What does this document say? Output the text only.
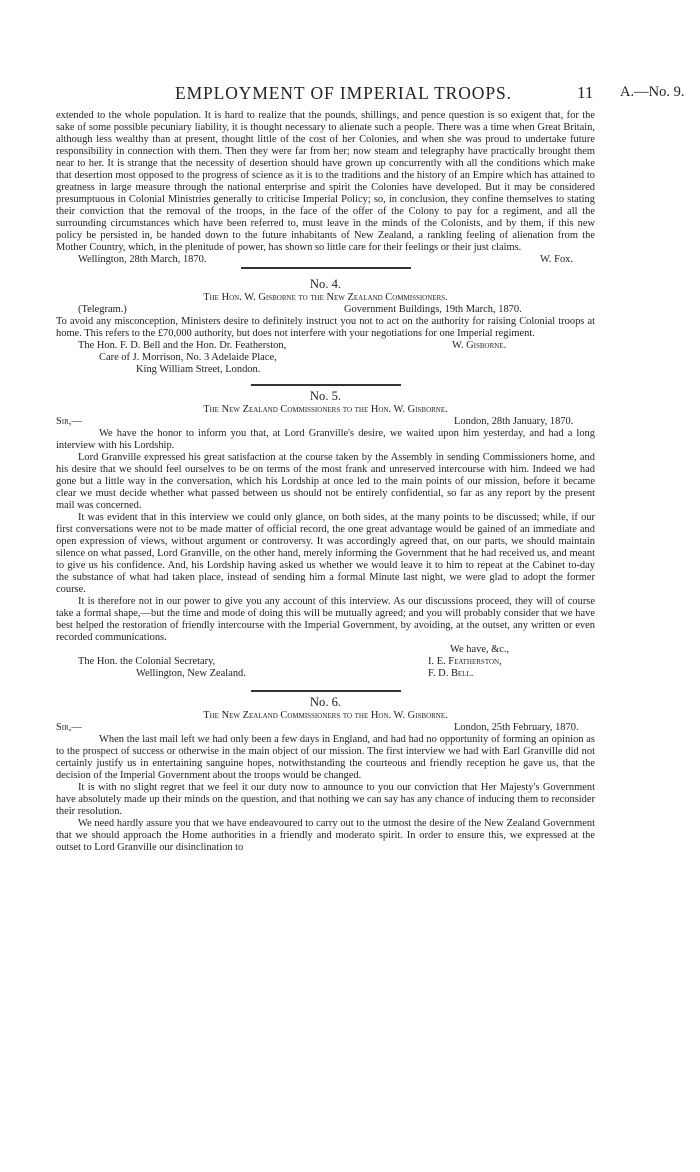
EMPLOYMENT OF IMPERIAL TROOPS.	11 A.—No. 9.

extended to the whole population. It is hard to realize that the pounds, shillings, and pence question is so exigent that, for the sake of some possible pecuniary liability, it is thought necessary to alienate such a people. There was a time when Great Britain, although less wealthy than at present, thought little of the cost of her Colonies, and when she was proud to undertake future responsibility in connection with them. Then they were far from her; now steam and telegraphy have practically brought them near to her. It is strange that the necessity of desertion should have grown up concurrently with all the conditions which make that desertion most opposed to the progress of science as it is to the traditions and the history of an Empire which has attained to greatness in large measure through the national enterprise and spirit the Colonies have developed. But it may be considered presumptuous in Colonial Ministries generally to criticise Imperial Policy; so, in conclusion, they confine themselves to stating their conviction that the removal of the troops, in the face of the offer of the Colony to pay for a regiment, and all the surrounding circumstances which have been referred to, must leave in the minds of the Colonists, and by them, if this new policy be persisted in, be handed down to the future inhabitants of New Zealand, a rankling feeling of alienation from the Mother Country, which, in the plenitude of power, has shown so little care for their feelings or their just claims.

Wellington, 28th March, 1870.	W. Fox.
No. 4.

The Hon. W. Gisborne to the New Zealand Commissioners.

(Telegram.)	Government Buildings, 19th March, 1870.

To avoid any misconception, Ministers desire to definitely instruct you not to act on the authority for raising Colonial troops at home. This refers to the £70,000 authority, but does not interfere with your negotiations for one Imperial regiment.

The Hon. F. D. Bell and the Hon. Dr. Featherston,	W. Gisborne.

Care of J. Morrison, No. 3 Adelaide Place,

King William Street, London.

No. 5.

The New Zealand Commissioners to the Hon. W. Gisborne.

Sir,—	London, 28th January, 1870.

We have the honor to inform you that, at Lord Granville's desire, we waited upon him yesterday, and had a long interview with his Lordship.

Lord Granville expressed his great satisfaction at the course taken by the Assembly in sending Commissioners home, and his desire that we should feel ourselves to be on terms of the most frank and unreserved intercourse with him. Indeed we had gone but a little way in the conversation, which his Lordship at once led to the main points of our mission, before it became clear we must decide whether what passed between us should not be entirely confidential, so far as any report by the present mail was concerned.

It was evident that in this interview we could only glance, on both sides, at the many points to be discussed; while, if our first conversations were not to be made matter of official record, the one great advantage would be gained of an immediate and open expression of views, without argument or controversy. It was accordingly agreed that, on our parts, we should maintain silence on what passed, Lord Granville, on the other hand, merely informing the Government that he had received us, and meant to give us his confidence. And, his Lordship having asked us whether we would leave it to him to repeat at the Cabinet to-day the substance of what had taken place, instead of sending him a formal Minute last night, we were glad to adopt the former course.

It is therefore not in our power to give you any account of this interview. As our discussions proceed, they will of course take a formal shape,—but the time and mode of doing this will be mutually agreed; and you will probably consider that we have best helped the restoration of friendly intercourse with the Imperial Government, by avoiding, at the outset, any written or even recorded communications.

We have, &c.,

The Hon. the Colonial Secretary,	I. E. Featherston,
Wellington, New Zealand.	F. D. Bell.
No. 6.

The New Zealand Commissioners to the Hon. W. Gisborne.

Sir,—	London, 25th February, 1870.

When the last mail left we had only been a few days in England, and had had no opportunity of forming an opinion as to the prospect of success or otherwise in the main object of our mission. The first interview we had with Earl Granville did not certainly justify us in entertaining sanguine hopes, notwithstanding the courteous and friendly reception he gave us, that the decision of the Imperial Government about the troops would be changed.

It is with no slight regret that we feel it our duty now to announce to you our conviction that Her Majesty's Government have absolutely made up their minds on the question, and that nothing we can say has any chance of inducing them to reconsider their resolution.

We need hardly assure you that we have endeavoured to carry out to the utmost the desire of the New Zealand Government that we should approach the Home authorities in a friendly and moderato spirit. In order to ensure this, we expressed at the outset to Lord Granville our disinclination to
